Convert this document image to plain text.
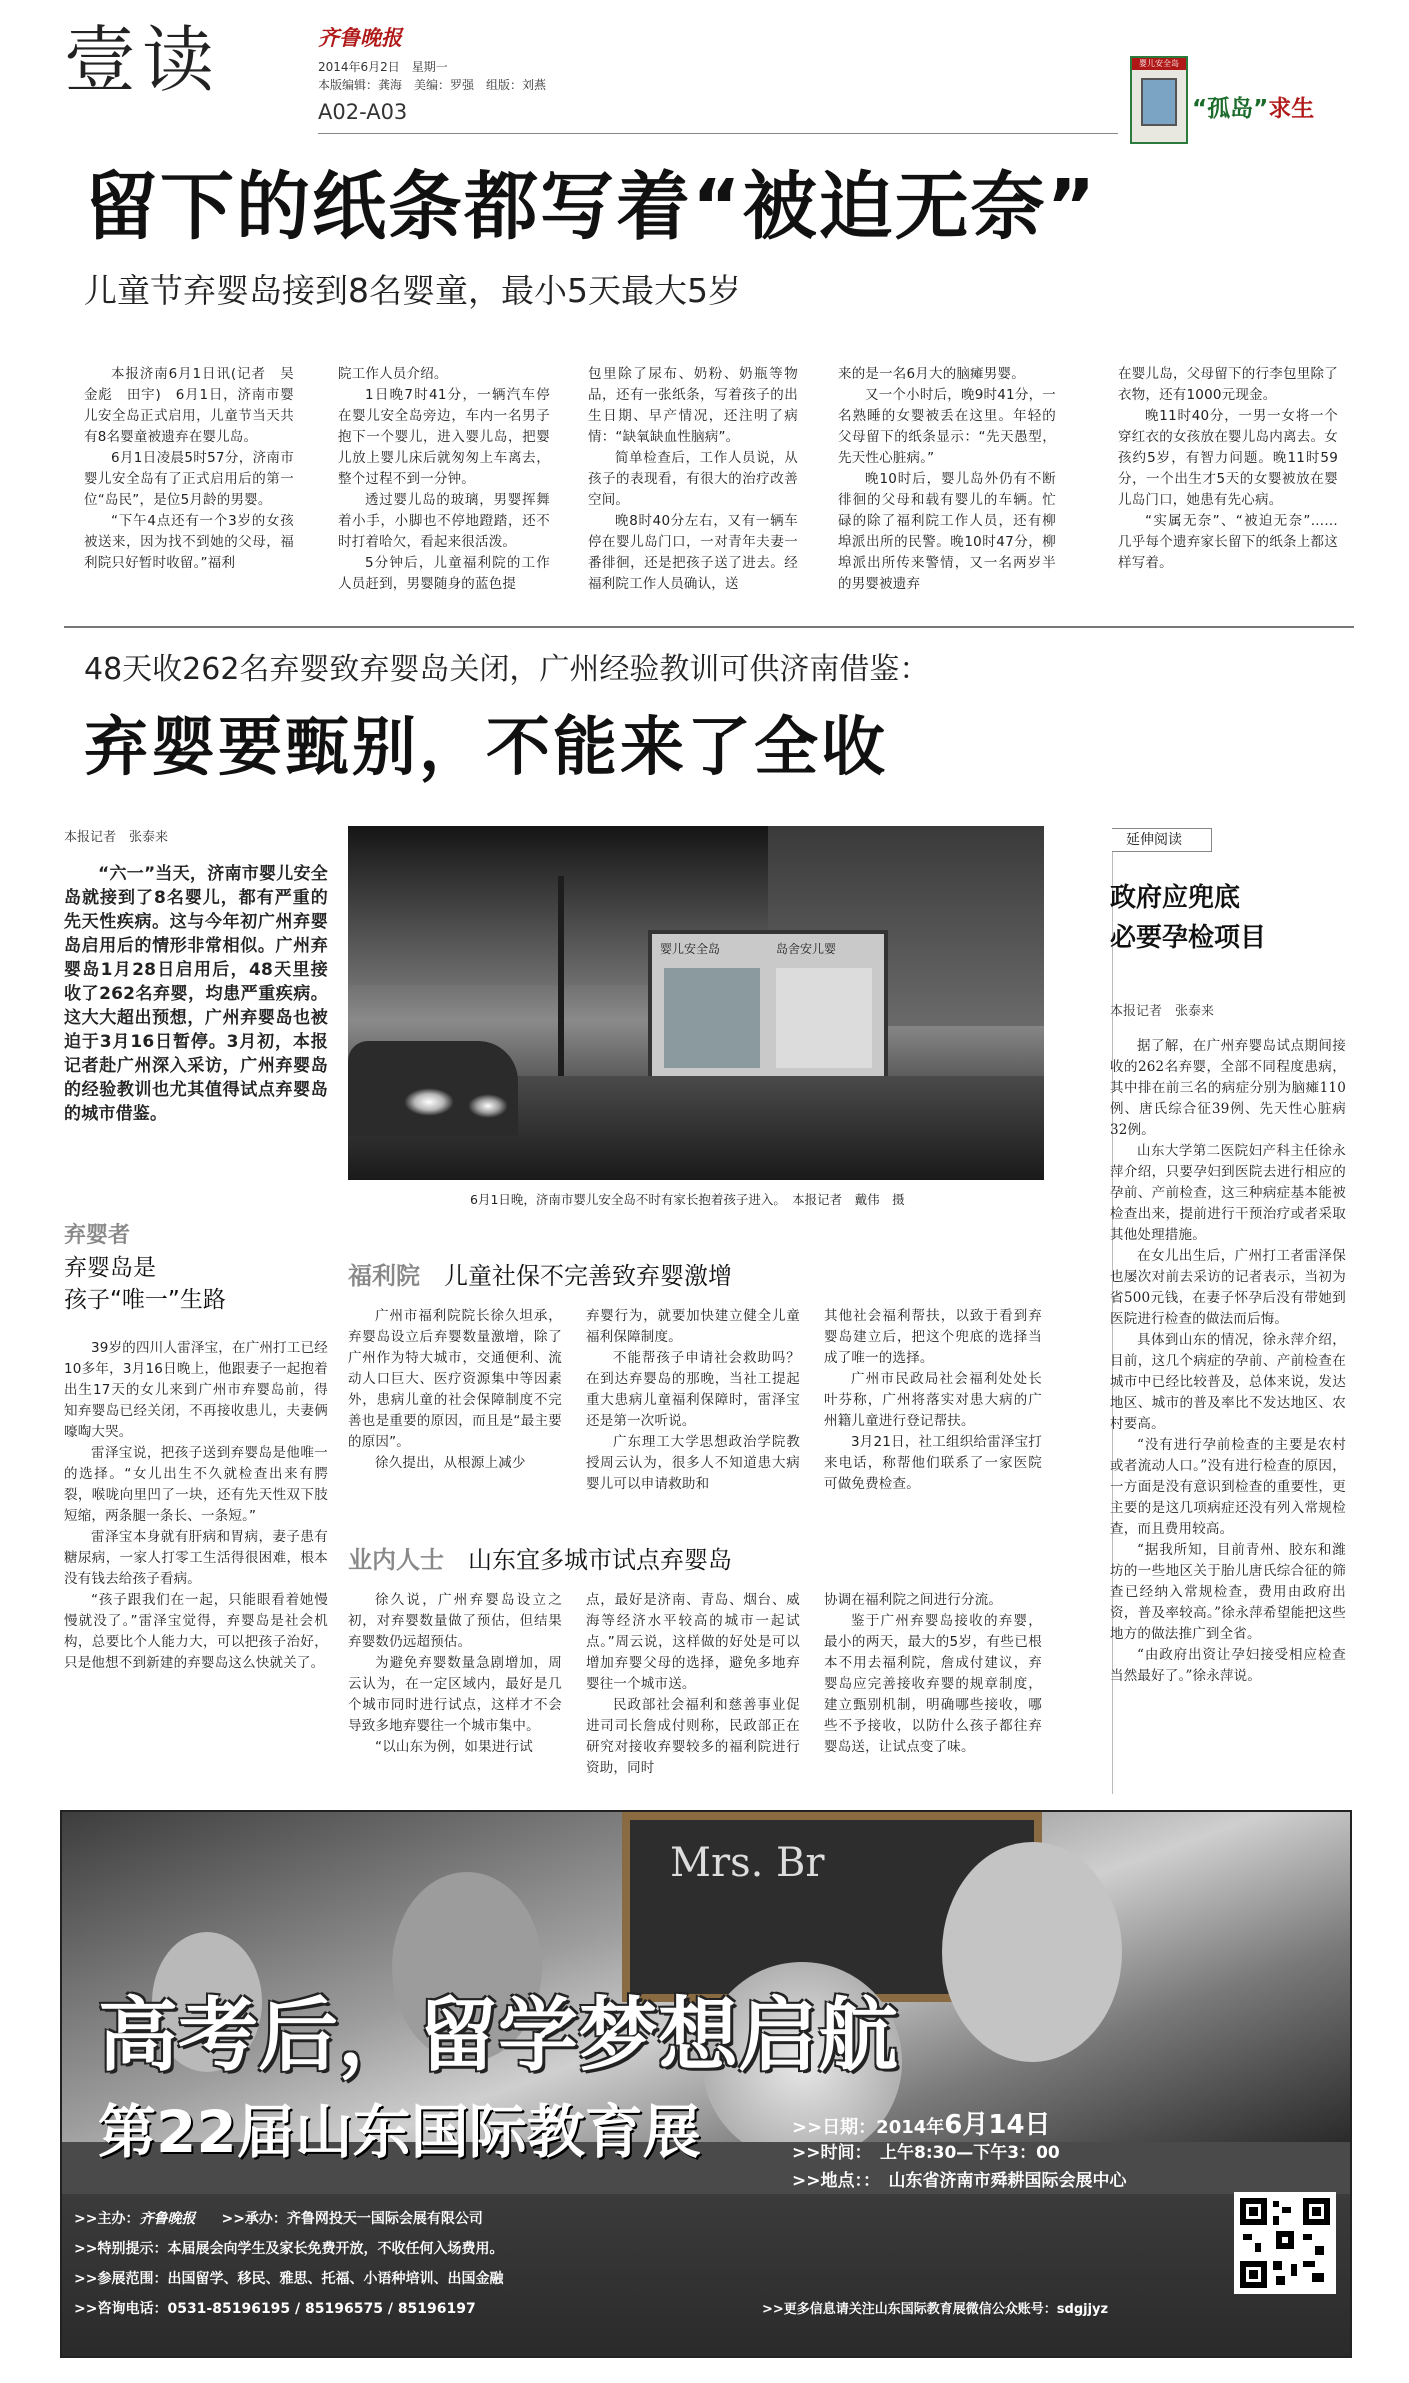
壹读	齐鲁晚报
2014年6月2日　星期一
本版编辑：龚海　美编：罗强　组版：刘燕
A02-A03
婴儿安全岛
“孤岛”求生
留下的纸条都写着“被迫无奈”
儿童节弃婴岛接到8名婴童，最小5天最大5岁

本报济南6月1日讯(记者　吴金彪　田宇)　6月1日，济南市婴儿安全岛正式启用，儿童节当天共有8名婴童被遗弃在婴儿岛。

6月1日凌晨5时57分，济南市婴儿安全岛有了正式启用后的第一位“岛民”，是位5月龄的男婴。

“下午4点还有一个3岁的女孩被送来，因为找不到她的父母，福利院只好暂时收留。”福利

院工作人员介绍。

1日晚7时41分，一辆汽车停在婴儿安全岛旁边，车内一名男子抱下一个婴儿，进入婴儿岛，把婴儿放上婴儿床后就匆匆上车离去，整个过程不到一分钟。

透过婴儿岛的玻璃，男婴挥舞着小手，小脚也不停地蹬踏，还不时打着哈欠，看起来很活泼。

5分钟后，儿童福利院的工作人员赶到，男婴随身的蓝色提

包里除了尿布、奶粉、奶瓶等物品，还有一张纸条，写着孩子的出生日期、早产情况，还注明了病情：“缺氧缺血性脑病”。

简单检查后，工作人员说，从孩子的表现看，有很大的治疗改善空间。

晚8时40分左右，又有一辆车停在婴儿岛门口，一对青年夫妻一番徘徊，还是把孩子送了进去。经福利院工作人员确认，送

来的是一名6月大的脑瘫男婴。

又一个小时后，晚9时41分，一名熟睡的女婴被丢在这里。年轻的父母留下的纸条显示：“先天愚型，先天性心脏病。”

晚10时后，婴儿岛外仍有不断徘徊的父母和载有婴儿的车辆。忙碌的除了福利院工作人员，还有柳埠派出所的民警。晚10时47分，柳埠派出所传来警情，又一名两岁半的男婴被遗弃

在婴儿岛，父母留下的行李包里除了衣物，还有1000元现金。

晚11时40分，一男一女将一个穿红衣的女孩放在婴儿岛内离去。女孩约5岁，有智力问题。晚11时59分，一个出生才5天的女婴被放在婴儿岛门口，她患有先心病。

“实属无奈”、“被迫无奈”……几乎每个遗弃家长留下的纸条上都这样写着。

48天收262名弃婴致弃婴岛关闭，广州经验教训可供济南借鉴：
弃婴要甄别，不能来了全收
本报记者　张泰来
“六一”当天，济南市婴儿安全岛就接到了8名婴儿，都有严重的先天性疾病。这与今年初广州弃婴岛启用后的情形非常相似。广州弃婴岛1月28日启用后，48天里接收了262名弃婴，均患严重疾病。这大大超出预想，广州弃婴岛也被迫于3月16日暂停。3月初，本报记者赴广州深入采访，广州弃婴岛的经验教训也尤其值得试点弃婴岛的城市借鉴。
婴儿安全岛	岛舍安儿婴
6月1日晚，济南市婴儿安全岛不时有家长抱着孩子进入。　本报记者　戴伟　摄
弃婴者
弃婴岛是
孩子“唯一”生路

39岁的四川人雷泽宝，在广州打工已经10多年，3月16日晚上，他跟妻子一起抱着出生17天的女儿来到广州市弃婴岛前，得知弃婴岛已经关闭，不再接收患儿，夫妻俩嚎啕大哭。

雷泽宝说，把孩子送到弃婴岛是他唯一的选择。“女儿出生不久就检查出来有腭裂，喉咙向里凹了一块，还有先天性双下肢短缩，两条腿一条长、一条短。”

雷泽宝本身就有肝病和胃病，妻子患有糖尿病，一家人打零工生活得很困难，根本没有钱去给孩子看病。

“孩子跟我们在一起，只能眼看着她慢慢就没了。”雷泽宝觉得，弃婴岛是社会机构，总要比个人能力大，可以把孩子治好，只是他想不到新建的弃婴岛这么快就关了。

福利院 儿童社保不完善致弃婴激增

广州市福利院院长徐久坦承，弃婴岛设立后弃婴数量激增，除了广州作为特大城市，交通便利、流动人口巨大、医疗资源集中等因素外，患病儿童的社会保障制度不完善也是重要的原因，而且是“最主要的原因”。

徐久提出，从根源上减少

弃婴行为，就要加快建立健全儿童福利保障制度。

不能帮孩子申请社会救助吗？在到达弃婴岛的那晚，当社工提起重大患病儿童福利保障时，雷泽宝还是第一次听说。

广东理工大学思想政治学院教授周云认为，很多人不知道患大病婴儿可以申请救助和

其他社会福利帮扶，以致于看到弃婴岛建立后，把这个兜底的选择当成了唯一的选择。

广州市民政局社会福利处处长叶芬称，广州将落实对患大病的广州籍儿童进行登记帮扶。

3月21日，社工组织给雷泽宝打来电话，称帮他们联系了一家医院可做免费检查。

业内人士 山东宜多城市试点弃婴岛

徐久说，广州弃婴岛设立之初，对弃婴数量做了预估，但结果弃婴数仍远超预估。

为避免弃婴数量急剧增加，周云认为，在一定区域内，最好是几个城市同时进行试点，这样才不会导致多地弃婴往一个城市集中。

“以山东为例，如果进行试

点，最好是济南、青岛、烟台、威海等经济水平较高的城市一起试点。”周云说，这样做的好处是可以增加弃婴父母的选择，避免多地弃婴往一个城市送。

民政部社会福利和慈善事业促进司司长詹成付则称，民政部正在研究对接收弃婴较多的福利院进行资助，同时

协调在福利院之间进行分流。

鉴于广州弃婴岛接收的弃婴，最小的两天，最大的5岁，有些已根本不用去福利院，詹成付建议，弃婴岛应完善接收弃婴的规章制度，建立甄别机制，明确哪些接收，哪些不予接收，以防什么孩子都往弃婴岛送，让试点变了味。

延伸阅读
政府应兜底
必要孕检项目
本报记者　张泰来

据了解，在广州弃婴岛试点期间接收的262名弃婴，全部不同程度患病，其中排在前三名的病症分别为脑瘫110例、唐氏综合征39例、先天性心脏病32例。

山东大学第二医院妇产科主任徐永萍介绍，只要孕妇到医院去进行相应的孕前、产前检查，这三种病症基本能被检查出来，提前进行干预治疗或者采取其他处理措施。

在女儿出生后，广州打工者雷泽保也屡次对前去采访的记者表示，当初为省500元钱，在妻子怀孕后没有带她到医院进行检查的做法而后悔。

具体到山东的情况，徐永萍介绍，目前，这几个病症的孕前、产前检查在城市中已经比较普及，总体来说，发达地区、城市的普及率比不发达地区、农村要高。

“没有进行孕前检查的主要是农村或者流动人口。”没有进行检查的原因，一方面是没有意识到检查的重要性，更主要的是这几项病症还没有列入常规检查，而且费用较高。

“据我所知，目前青州、胶东和潍坊的一些地区关于胎儿唐氏综合征的筛查已经纳入常规检查，费用由政府出资，普及率较高。”徐永萍希望能把这些地方的做法推广到全省。

“由政府出资让孕妇接受相应检查当然最好了。”徐永萍说。

Mrs. Br
高考后，留学梦想启航
第22届山东国际教育展	>>日期：2014年6月14日
>>时间：　上午8:30—下午3：00
>>地点：：　山东省济南市舜耕国际会展中心
>>主办：齐鲁晚报 >>承办：齐鲁网投天一国际会展有限公司
>>特别提示：本届展会向学生及家长免费开放，不收任何入场费用。
>>参展范围：出国留学、移民、雅思、托福、小语种培训、出国金融
>>咨询电话：0531-85196195 / 85196575 / 85196197	>>更多信息请关注山东国际教育展微信公众账号：sdgjjyz
